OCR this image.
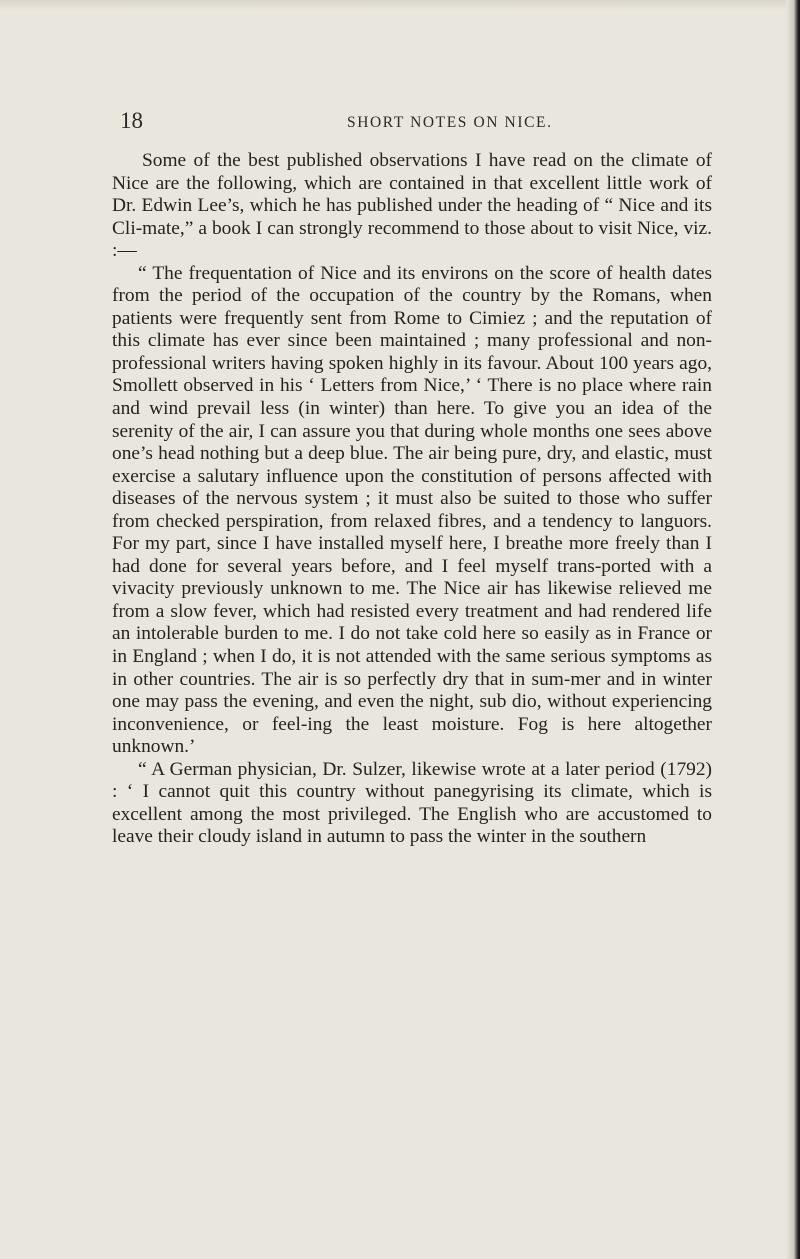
18	SHORT NOTES ON NICE.

Some of the best published observations I have read on the climate of Nice are the following, which are contained in that excellent little work of Dr. Edwin Lee’s, which he has published under the heading of “ Nice and its Cli-mate,” a book I can strongly recommend to those about to visit Nice, viz. :—

“ The frequentation of Nice and its environs on the score of health dates from the period of the occupation of the country by the Romans, when patients were frequently sent from Rome to Cimiez ; and the reputation of this climate has ever since been maintained ; many professional and non-professional writers having spoken highly in its favour. About 100 years ago, Smollett observed in his ‘ Letters from Nice,’ ‘ There is no place where rain and wind prevail less (in winter) than here. To give you an idea of the serenity of the air, I can assure you that during whole months one sees above one’s head nothing but a deep blue. The air being pure, dry, and elastic, must exercise a salutary influence upon the constitution of persons affected with diseases of the nervous system ; it must also be suited to those who suffer from checked perspiration, from relaxed fibres, and a tendency to languors. For my part, since I have installed myself here, I breathe more freely than I had done for several years before, and I feel myself trans-ported with a vivacity previously unknown to me. The Nice air has likewise relieved me from a slow fever, which had resisted every treatment and had rendered life an intolerable burden to me. I do not take cold here so easily as in France or in England ; when I do, it is not attended with the same serious symptoms as in other countries. The air is so perfectly dry that in sum-mer and in winter one may pass the evening, and even the night, sub dio, without experiencing inconvenience, or feel-ing the least moisture. Fog is here altogether unknown.’

“ A German physician, Dr. Sulzer, likewise wrote at a later period (1792) : ‘ I cannot quit this country without panegyrising its climate, which is excellent among the most privileged. The English who are accustomed to leave their cloudy island in autumn to pass the winter in the southern
